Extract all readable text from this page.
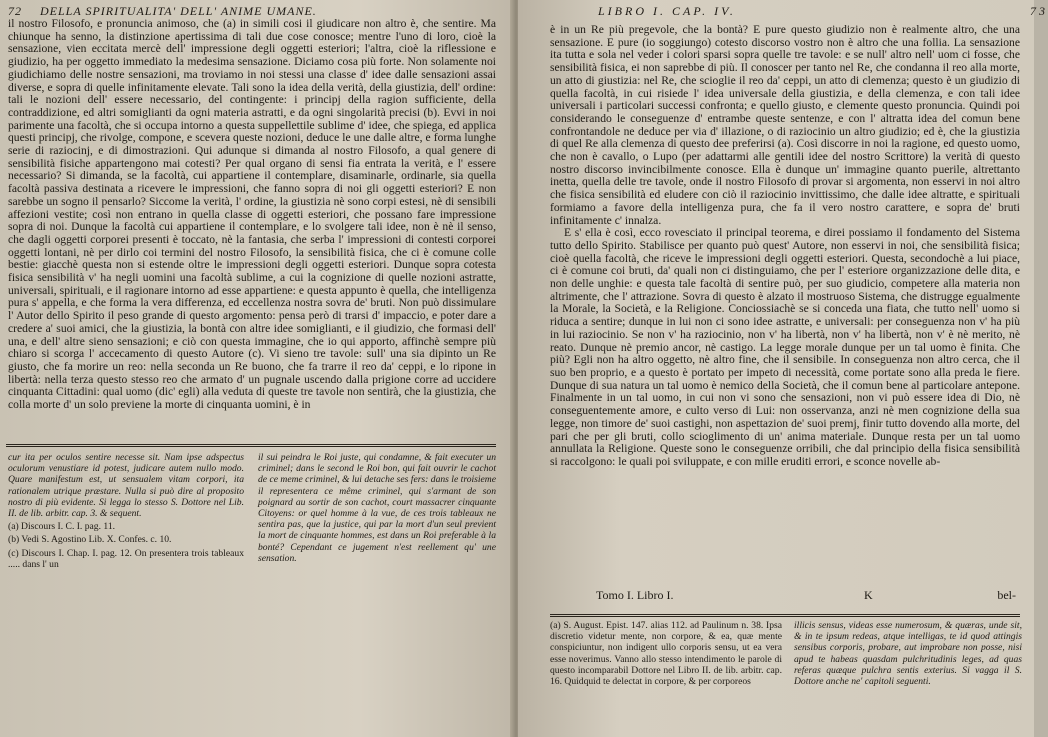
72 DELLA SPIRITUALITA' DELL' ANIME UMANE.

il nostro Filosofo, e pronuncia animoso, che (a) in simili cosi il giudicare non altro è, che sentire. Ma chiunque ha senno, la distinzione apertissima di tali due cose conosce; mentre l'uno di loro, cioè la sensazione, vien eccitata mercè dell' impressione degli oggetti esteriori; l'altra, cioè la riflessione e giudizio, ha per oggetto immediato la medesima sensazione. Diciamo cosa più forte. Non solamente noi giudichiamo delle nostre sensazioni, ma troviamo in noi stessi una classe d' idee dalle sensazioni assai diverse, e sopra di quelle infinitamente elevate. Tali sono la idea della verità, della giustizia, dell' ordine: tali le nozioni dell' essere necessario, del contingente: i principj della ragion sufficiente, della contraddizione, ed altri somiglianti da ogni materia astratti, e da ogni singolarità precisi (b). Evvi in noi parimente una facoltà, che si occupa intorno a questa suppellettile sublime d' idee, che spiega, ed applica questi principj, che rivolge, compone, e scevera queste nozioni, deduce le une dalle altre, e forma lunghe serie di raziocinj, e di dimostrazioni. Qui adunque si dimanda al nostro Filosofo, a qual genere di sensibilità fisiche appartengono mai cotesti? Per qual organo di sensi fia entrata la verità, e l' essere necessario? Si dimanda, se la facoltà, cui appartiene il contemplare, disaminarle, ordinarle, sia quella facoltà passiva destinata a ricevere le impressioni, che fanno sopra di noi gli oggetti esteriori? E non sarebbe un sogno il pensarlo? Siccome la verità, l' ordine, la giustizia nè sono corpi estesi, nè di sensibili affezioni vestite; così non entrano in quella classe di oggetti esteriori, che possano fare impressione sopra di noi. Dunque la facoltà cui appartiene il contemplare, e lo svolgere tali idee, non è nè il senso, che dagli oggetti corporei presenti è toccato, nè la fantasia, che serba l' impressioni di contesti corporei oggetti lontani, nè per dirlo coi termini del nostro Filosofo, la sensibilità fisica, che ci è comune colle bestie: giacchè questa non si estende oltre le impressioni degli oggetti esteriori. Dunque sopra cotesta fisica sensibilità v' ha negli uomini una facoltà sublime, a cui la cognizione di quelle nozioni astratte, universali, spirituali, e il ragionare intorno ad esse appartiene: e questa appunto è quella, che intelligenza pura s' appella, e che forma la vera differenza, ed eccellenza nostra sovra de' bruti. Non può dissimulare l' Autor dello Spirito il peso grande di questo argomento: pensa però di trarsi d' impaccio, e poter dare a credere a' suoi amici, che la giustizia, la bontà con altre idee somiglianti, e il giudizio, che formasi dell' una, e dell' altre sieno sensazioni; e ciò con questa immagine, che io qui apporto, affinchè sempre più chiaro si scorga l' accecamento di questo Autore (c). Vi sieno tre tavole: sull' una sia dipinto un Re giusto, che fa morire un reo: nella seconda un Re buono, che fa trarre il reo da' ceppi, e lo ripone in libertà: nella terza questo stesso reo che armato d' un pugnale uscendo dalla prigione corre ad uccidere cinquanta Cittadini: qual uomo (dic' egli) alla veduta di queste tre tavole non sentirà, che la giustizia, che colla morte d' un solo previene la morte di cinquanta uomini, è in

cur ita per oculos sentire necesse sit. Nam ipse adspectus oculorum venustiare id potest, judicare autem nullo modo. Quare manifestum est, ut sensualem vitam corpori, ita rationalem utrique præstare. Nulla si può dire al proposito nostro di più evidente. Si legga lo stesso S. Dottore nel Lib. II. de lib. arbitr. cap. 3. & sequent.

(a) Discours I. C. I. pag. 11.

(b) Vedi S. Agostino Lib. X. Confes. c. 10.

(c) Discours I. Chap. I. pag. 12. On presentera trois tableaux ..... dans l' un

il sui peindra le Roi juste, qui condamne, & fait executer un criminel; dans le second le Roi bon, qui fait ouvrir le cachot de ce meme criminel, & lui detache ses fers: dans le troisieme il representera ce même criminel, qui s'armant de son poignard au sortir de son cachot, court massacrer cinquante Citoyens: or quel homme à la vue, de ces trois tableaux ne sentira pas, que la justice, qui par la mort d'un seul previent la mort de cinquante hommes, est dans un Roi preferable à la bonté? Cependant ce jugement n'est reellement qu' une sensation.

LIBRO I. CAP. IV.	73

è in un Re più pregevole, che la bontà? E pure questo giudizio non è realmente altro, che una sensazione. E pure (io soggiungo) cotesto discorso vostro non è altro che una follia. La sensazione ita tutta e sola nel veder i colori sparsi sopra quelle tre tavole: e se null' altro nell' uom ci fosse, che sensibilità fisica, ei non saprebbe di più. Il conoscer per tanto nel Re, che condanna il reo alla morte, un atto di giustizia: nel Re, che scioglie il reo da' ceppi, un atto di clemenza; questo è un giudizio di quella facoltà, in cui risiede l' idea universale della giustizia, e della clemenza, e con tali idee universali i particolari successi confronta; e quello giusto, e clemente questo pronuncia. Quindi poi considerando le conseguenze d' entrambe queste sentenze, e con l' altratta idea del comun bene confrontandole ne deduce per via d' illazione, o di raziocinio un altro giudizio; ed è, che la giustizia di quel Re alla clemenza di questo dee preferirsi (a). Così discorre in noi la ragione, ed questo uomo, che non è cavallo, o Lupo (per adattarmi alle gentili idee del nostro Scrittore) la verità di questo nostro discorso invincibilmente conosce. Ella è dunque un' immagine quanto puerile, altrettanto inetta, quella delle tre tavole, onde il nostro Filosofo di provar si argomenta, non esservi in noi altro che fisica sensibilità ed eludere con ciò il raziocinio invittissimo, che dalle idee altratte, e spirituali formiamo a favore della intelligenza pura, che fa il vero nostro carattere, e sopra de' bruti infinitamente c' innalza.

E s' ella è così, ecco rovesciato il principal teorema, e direi possiamo il fondamento del Sistema tutto dello Spirito. Stabilisce per quanto può quest' Autore, non esservi in noi, che sensibilità fisica; cioè quella facoltà, che riceve le impressioni degli oggetti esteriori. Questa, secondochè a lui piace, ci è comune coi bruti, da' quali non ci distinguiamo, che per l' esteriore organizzazione delle dita, e non delle unghie: e questa tale facoltà di sentire può, per suo giudicio, competere alla materia non altrimente, che l' attrazione. Sovra di questo è alzato il mostruoso Sistema, che distrugge egualmente la Morale, la Società, e la Religione. Conciossiachè se si conceda una fiata, che tutto nell' uomo si riduca a sentire; dunque in lui non ci sono idee astratte, e universali: per conseguenza non v' ha più in lui raziocinio. Se non v' ha raziocinio, non v' ha libertà, non v' ha libertà, non v' è nè merito, nè reato. Dunque nè premio ancor, nè castigo. La legge morale dunque per un tal uomo è finita. Che più? Egli non ha altro oggetto, nè altro fine, che il sensibile. In conseguenza non altro cerca, che il suo ben proprio, e a questo è portato per impeto di necessità, come portate sono alla preda le fiere. Dunque di sua natura un tal uomo è nemico della Società, che il comun bene al particolare antepone. Finalmente in un tal uomo, in cui non vi sono che sensazioni, non vi può essere idea di Dio, nè conseguentemente amore, e culto verso di Lui: non osservanza, anzi nè men cognizione della sua legge, non timore de' suoi castighi, non aspettazion de' suoi premj, finir tutto dovendo alla morte, del pari che per gli bruti, collo scioglimento di un' anima materiale. Dunque resta per un tal uomo annullata la Religione. Queste sono le conseguenze orribili, che dal principio della fisica sensibilità si raccolgono: le quali poi sviluppate, e con mille eruditi errori, e sconce novelle ab-

Tomo I. Libro I.	K	bel-

(a) S. August. Epist. 147. alias 112. ad Paulinum n. 38. Ipsa discretio videtur mente, non corpore, & ea, quæ mente conspiciuntur, non indigent ullo corporis sensu, ut ea vera esse noverimus. Vanno allo stesso intendimento le parole di questo incomparabil Dottore nel Libro II. de lib. arbitr. cap. 16. Quidquid te delectat in corpore, & per corporeos

illicis sensus, videas esse numerosum, & quæras, unde sit, & in te ipsum redeas, atque intelligas, te id quod attingis sensibus corporis, probare, aut improbare non posse, nisi apud te habeas quasdam pulchritudinis leges, ad quas referas quæque pulchra sentis exterius. Si vagga il S. Dottore anche ne' capitoli seguenti.
